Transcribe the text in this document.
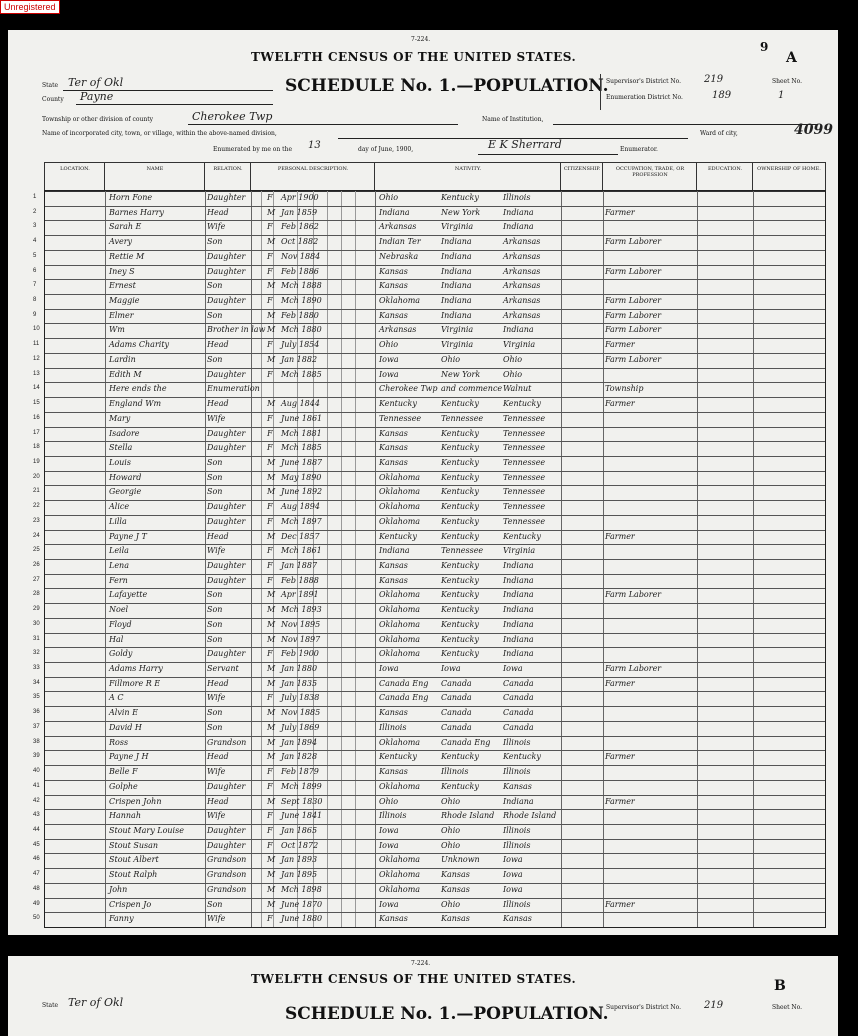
Unregistered
7-224.
9
A
TWELFTH CENSUS OF THE UNITED STATES.
SCHEDULE No. 1.—POPULATION.
State Ter of Okl
County Payne
Supervisor's District No. 219
Enumeration District No.	189
Sheet No.
1
Township or other division of county	Cherokee Twp	Name of Institution,
Name of incorporated city, town, or village, within the above-named division,	Ward of city,	4099
Enumerated by me on the 13	day of June, 1900,	E K Sherrard	Enumerator.
LOCATION.	NAME	RELATION.	PERSONAL DESCRIPTION.	NATIVITY.	CITIZENSHIP.	OCCUPATION, TRADE, OR PROFESSION
EDUCATION.	OWNERSHIP OF HOME.
1	Horn Fone	Daughter	F	Apr 1900	Ohio	Kentucky	Illinois
2	Barnes Harry	Head	M Jan 1859	Indiana	New York	Indiana	Farmer
3	Sarah E	Wife	F	Feb 1862	Arkansas	Virginia	Indiana
4	Avery	Son	M Oct 1882	Indian Ter	Indiana	Arkansas	Farm Laborer
5	Rettie M	Daughter	F	Nov 1884	Nebraska	Indiana	Arkansas
6	Iney S	Daughter	F	Feb 1886	Kansas	Indiana	Arkansas	Farm Laborer
7	Ernest	Son	M Mch 1888	Kansas	Indiana	Arkansas
8	Maggie	Daughter	F	Mch 1890	Oklahoma	Indiana	Arkansas	Farm Laborer
9	Elmer	Son	M Feb 1880	Kansas	Indiana	Arkansas	Farm Laborer
10	Wm	Brother in law M Mch 1880	Arkansas	Virginia	Indiana	Farm Laborer
11	Adams Charity	Head	F	July 1854	Ohio	Virginia	Virginia	Farmer
12	Lardin	Son	M Jan 1882	Iowa	Ohio	Ohio	Farm Laborer
13	Edith M	Daughter	F	Mch 1885	Iowa	New York	Ohio
14	Here ends the	Enumeration	Cherokee Twp and commence Walnut	Township
15	England Wm	Head	M Aug 1844	Kentucky	Kentucky	Kentucky	Farmer
16	Mary	Wife	F	June 1861	Tennessee	Tennessee	Tennessee
17	Isadore	Daughter	F	Mch 1881	Kansas	Kentucky	Tennessee
18	Stella	Daughter	F	Mch 1885	Kansas	Kentucky	Tennessee
19	Louis	Son	M June 1887	Kansas	Kentucky	Tennessee
20	Howard	Son	M May 1890	Oklahoma	Kentucky	Tennessee
21	Georgie	Son	M June 1892	Oklahoma	Kentucky	Tennessee
22	Alice	Daughter	F	Aug 1894	Oklahoma	Kentucky	Tennessee
23	Lilla	Daughter	F	Mch 1897	Oklahoma	Kentucky	Tennessee
24	Payne J T	Head	M Dec 1857	Kentucky	Kentucky	Kentucky	Farmer
25	Leila	Wife	F	Mch 1861	Indiana	Tennessee	Virginia
26	Lena	Daughter	F	Jan 1887	Kansas	Kentucky	Indiana
27	Fern	Daughter	F	Feb 1888	Kansas	Kentucky	Indiana
28	Lafayette	Son	M Apr 1891	Oklahoma	Kentucky	Indiana	Farm Laborer
29	Noel	Son	M Mch 1893	Oklahoma	Kentucky	Indiana
30	Floyd	Son	M Nov 1895	Oklahoma	Kentucky	Indiana
31	Hal	Son	M Nov 1897	Oklahoma	Kentucky	Indiana
32	Goldy	Daughter	F	Feb 1900	Oklahoma	Kentucky	Indiana
33	Adams Harry	Servant	M Jan 1880	Iowa	Iowa	Iowa	Farm Laborer
34	Fillmore R E	Head	M Jan 1835	Canada Eng	Canada	Canada	Farmer
35	A C	Wife	F	July 1838	Canada Eng	Canada	Canada
36	Alvin E	Son	M Nov 1885	Kansas	Canada	Canada
37	David H	Son	M July 1869	Illinois	Canada	Canada
38	Ross	Grandson	M Jan 1894	Oklahoma	Canada Eng	Illinois
39	Payne J H	Head	M Jan 1828	Kentucky	Kentucky	Kentucky	Farmer
40	Belle F	Wife	F	Feb 1879	Kansas	Illinois	Illinois
41	Golphe	Daughter	F	Mch 1899	Oklahoma	Kentucky	Kansas
42	Crispen John	Head	M Sept 1830	Ohio	Ohio	Indiana	Farmer
43	Hannah	Wife	F	June 1841	Illinois	Rhode Island	Rhode Island
44	Stout Mary Louise	Daughter	F	Jan 1865	Iowa	Ohio	Illinois
45	Stout Susan	Daughter	F	Oct 1872	Iowa	Ohio	Illinois
46	Stout Albert	Grandson	M Jan 1893	Oklahoma	Unknown	Iowa
47	Stout Ralph	Grandson	M Jan 1895	Oklahoma	Kansas	Iowa
48	John	Grandson	M Mch 1898	Oklahoma	Kansas	Iowa
49	Crispen Jo	Son	M June 1870	Iowa	Ohio	Illinois	Farmer
50	Fanny	Wife	F	June 1880	Kansas	Kansas	Kansas
7-224.
TWELFTH CENSUS OF THE UNITED STATES.	B
State Ter of Okl
SCHEDULE No. 1.—POPULATION.
Supervisor's District No. 219	Sheet No.
